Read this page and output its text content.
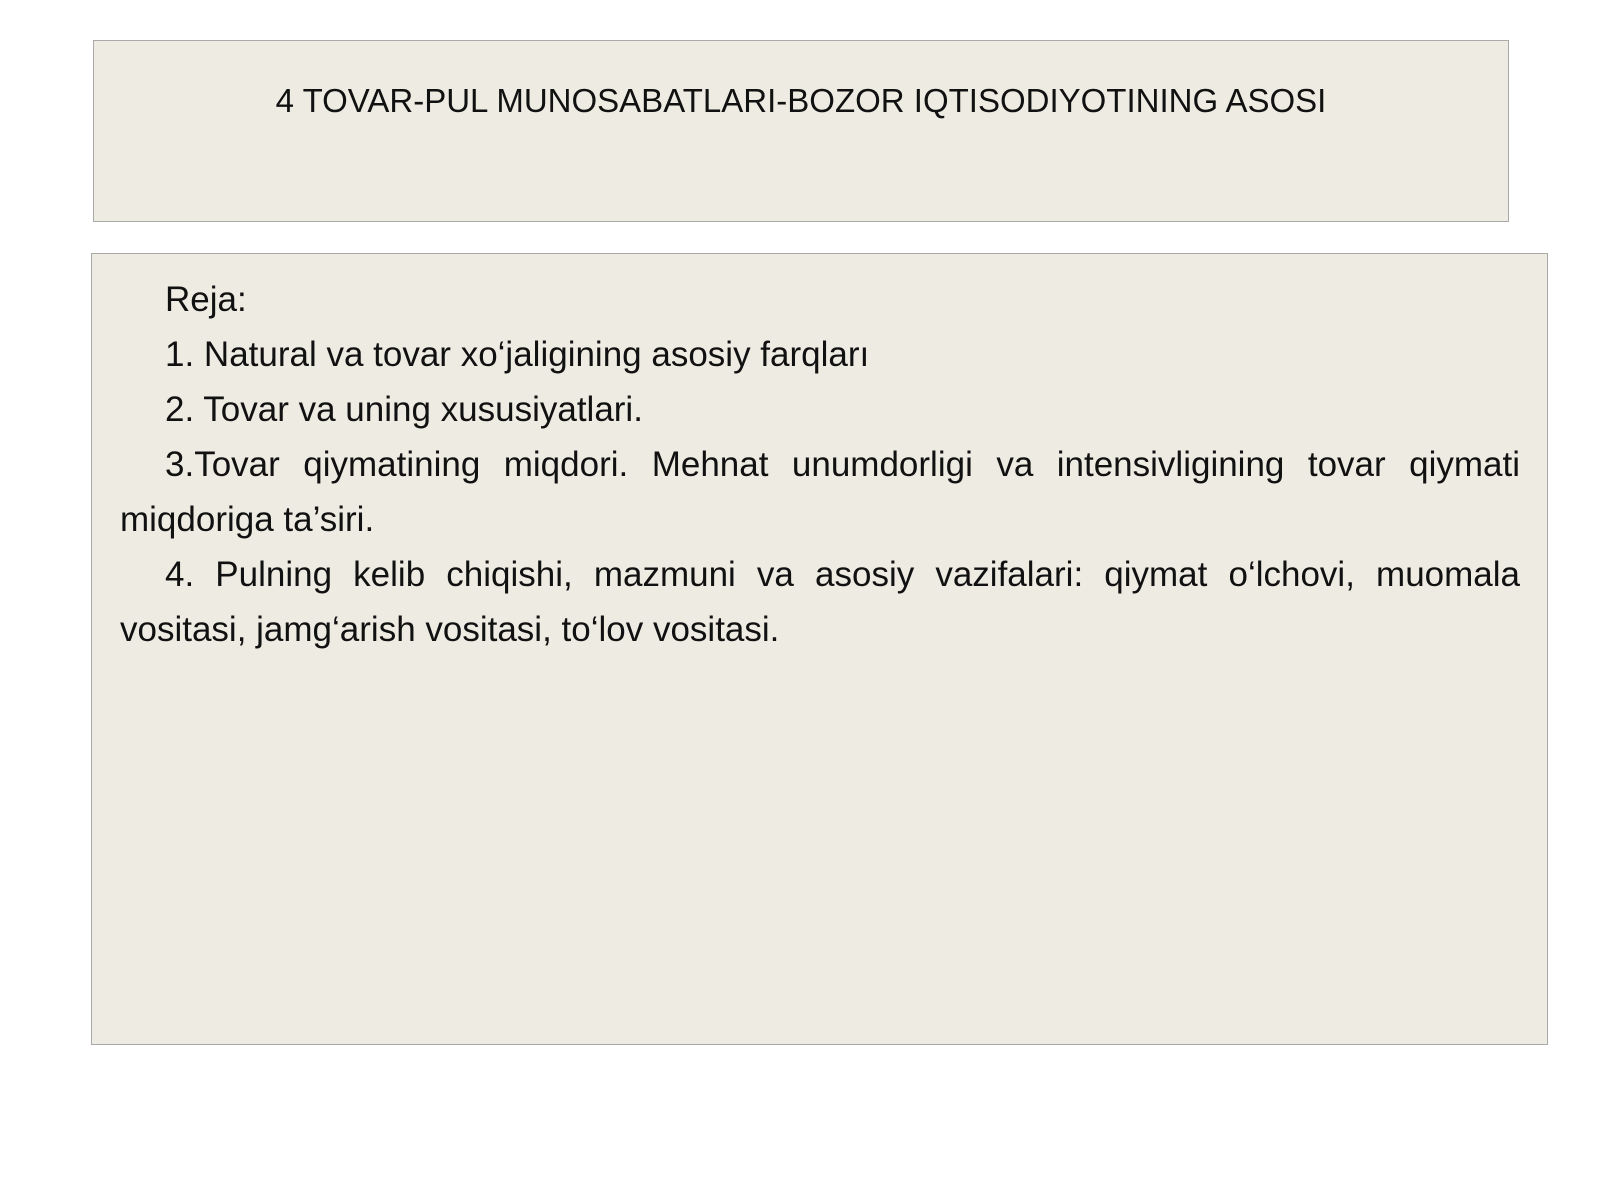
4 TOVAR-PUL MUNOSABATLARI-BOZOR IQTISODIYOTINING ASOSI

Reja:

1. Natural va tovar xo‘jaligining asosiy farqları

2. Tovar va uning xususiyatlari.

3.Tovar qiymatining miqdori. Mehnat unumdorligi va intensivligining tovar qiymati miqdoriga ta’siri.

4. Pulning kelib chiqishi, mazmuni va asosiy vazifalari: qiymat o‘lchovi, muomala vositasi, jamg‘arish vositasi, to‘lov vositasi.
